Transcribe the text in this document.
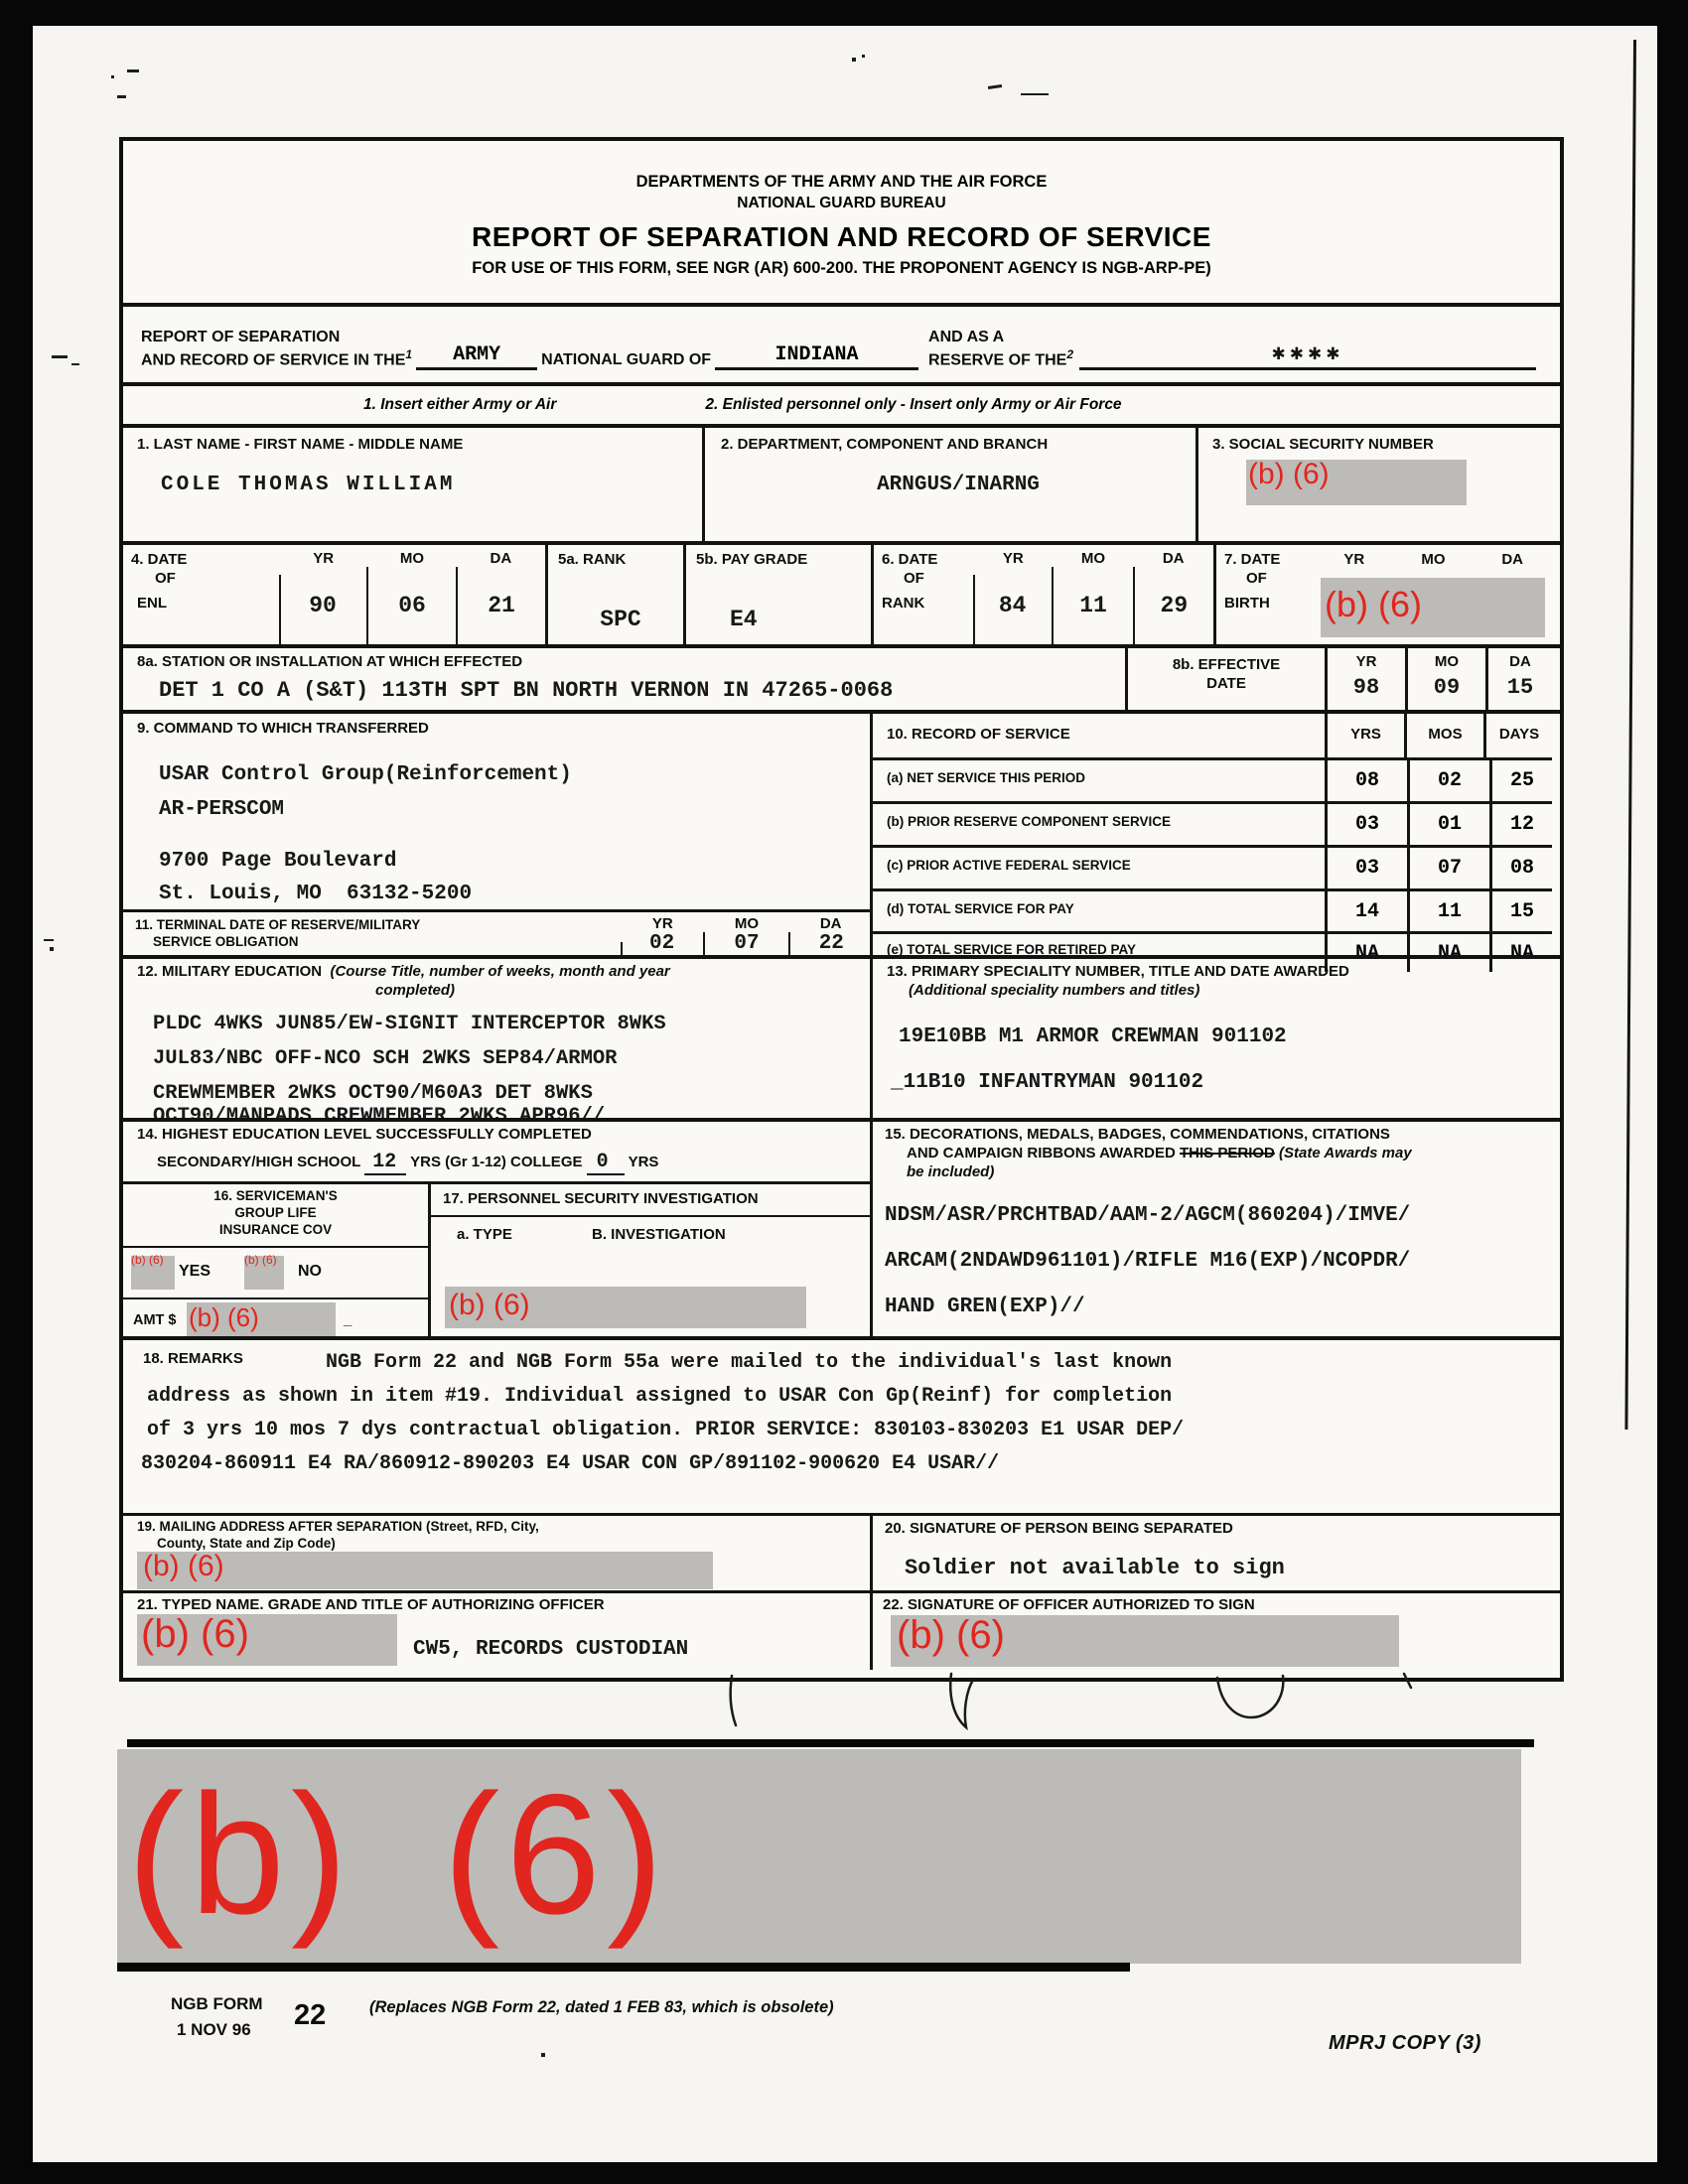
DEPARTMENTS OF THE ARMY AND THE AIR FORCE
NATIONAL GUARD BUREAU
REPORT OF SEPARATION AND RECORD OF SERVICE
FOR USE OF THIS FORM, SEE NGR (AR) 600-200. THE PROPONENT AGENCY IS NGB-ARP-PE)
REPORT OF SEPARATION
AND RECORD OF SERVICE IN THE$^1$	ARMY	NATIONAL GUARD OF	INDIANA
AND AS A
RESERVE OF THE$^2$	✱✱✱✱
1. Insert either Army or Air	2. Enlisted personnel only - Insert only Army or Air Force
1. LAST NAME - FIRST NAME - MIDDLE NAME
COLE THOMAS WILLIAM
2. DEPARTMENT, COMPONENT AND BRANCH
ARNGUS/INARNG
3. SOCIAL SECURITY NUMBER
(b) (6)
4. DATE
OF
ENL
YR	MO	DA
90	06	21
5a. RANK
SPC
5b. PAY GRADE
E4
6. DATE
OF
RANK
YR	MO	DA
84	11	29
7. DATE
OF
BIRTH
YR	MO	DA
(b) (6)
8a. STATION OR INSTALLATION AT WHICH EFFECTED
DET 1 CO A (S&T) 113TH SPT BN NORTH VERNON IN 47265-0068
8b. EFFECTIVE
DATE
YR
98
MO
09
DA
15
9. COMMAND TO WHICH TRANSFERRED
USAR Control Group(Reinforcement)
AR-PERSCOM
9700 Page Boulevard
St. Louis, MO  63132-5200
11. TERMINAL DATE OF RESERVE/MILITARY
SERVICE OBLIGATION
YR	MO	DA
02	07	22
10. RECORD OF SERVICE	YRS	MOS	DAYS
(a) NET SERVICE THIS PERIOD	08	02	25
(b) PRIOR RESERVE COMPONENT SERVICE	03	01	12
(c) PRIOR ACTIVE FEDERAL SERVICE	03	07	08
(d) TOTAL SERVICE FOR PAY	14	11	15
(e) TOTAL SERVICE FOR RETIRED PAY	NA	NA	NA
12. MILITARY EDUCATION (Course Title, number of weeks, month and year
completed)
PLDC 4WKS JUN85/EW-SIGNIT INTERCEPTOR 8WKS
JUL83/NBC OFF-NCO SCH 2WKS SEP84/ARMOR
CREWMEMBER 2WKS OCT90/M60A3 DET 8WKS
OCT90/MANPADS CREWMEMBER 2WKS APR96//
13. PRIMARY SPECIALITY NUMBER, TITLE AND DATE AWARDED
(Additional speciality numbers and titles)
19E10BB M1 ARMOR CREWMAN 901102
_11B10 INFANTRYMAN 901102
14. HIGHEST EDUCATION LEVEL SUCCESSFULLY COMPLETED
SECONDARY/HIGH SCHOOL 12 YRS (Gr 1-12) COLLEGE 0 YRS
16. SERVICEMAN'S
GROUP LIFE
INSURANCE COV
(b) (6)
YES
(b) (6)
NO
AMT $ (b) (6)	_
17. PERSONNEL SECURITY INVESTIGATION
a. TYPE	B. INVESTIGATION
(b) (6)
15. DECORATIONS, MEDALS, BADGES, COMMENDATIONS, CITATIONS
AND CAMPAIGN RIBBONS AWARDED THIS PERIOD (State Awards may
be included)
NDSM/ASR/PRCHTBAD/AAM-2/AGCM(860204)/IMVE/
ARCAM(2NDAWD961101)/RIFLE M16(EXP)/NCOPDR/
HAND GREN(EXP)//
18. REMARKS	NGB Form 22 and NGB Form 55a were mailed to the individual's last known
address as shown in item #19. Individual assigned to USAR Con Gp(Reinf) for completion
of 3 yrs 10 mos 7 dys contractual obligation. PRIOR SERVICE: 830103-830203 E1 USAR DEP/
830204-860911 E4 RA/860912-890203 E4 USAR CON GP/891102-900620 E4 USAR//
19. MAILING ADDRESS AFTER SEPARATION (Street, RFD, City,
County, State and Zip Code)
(b) (6)
20. SIGNATURE OF PERSON BEING SEPARATED
Soldier not available to sign
21. TYPED NAME. GRADE AND TITLE OF AUTHORIZING OFFICER
(b) (6)	CW5, RECORDS CUSTODIAN
22. SIGNATURE OF OFFICER AUTHORIZED TO SIGN
(b) (6)
(b) (6)
NGB FORM 22
1 NOV 96
(Replaces NGB Form 22, dated 1 FEB 83, which is obsolete)
MPRJ COPY (3)
